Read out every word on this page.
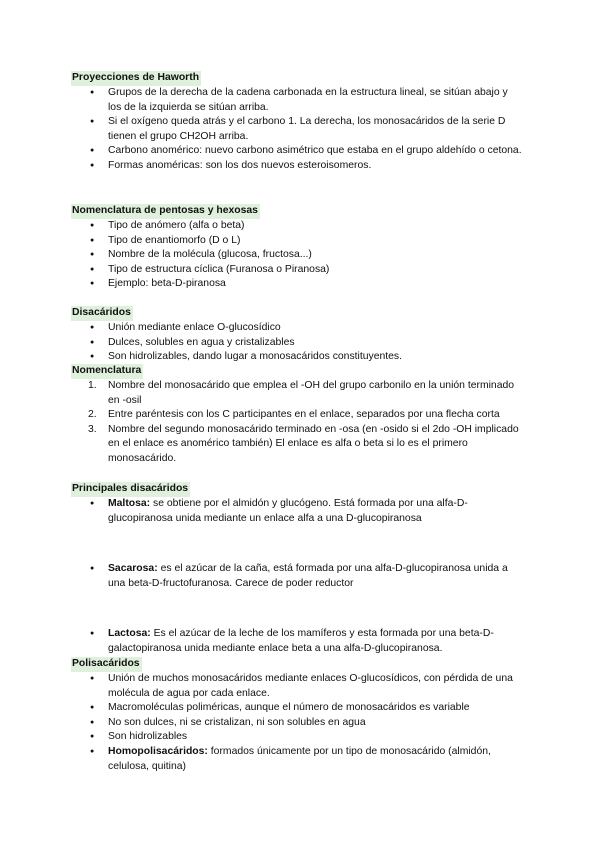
Proyecciones de Haworth
● Grupos de la derecha de la cadena carbonada en la estructura lineal, se sitúan abajo y los de la izquierda se sitúan arriba.
● Si el oxígeno queda atrás y el carbono 1. La derecha, los monosacáridos de la serie D tienen el grupo CH2OH arriba.
● Carbono anomérico: nuevo carbono asimétrico que estaba en el grupo aldehído o cetona.
● Formas anoméricas: son los dos nuevos esteroisomeros.
Nomenclatura de pentosas y hexosas
● Tipo de anómero (alfa o beta)
● Tipo de enantiomorfo (D o L)
● Nombre de la molécula (glucosa, fructosa...)
● Tipo de estructura cíclica (Furanosa o Piranosa)
● Ejemplo: beta-D-piranosa
Disacáridos
● Unión mediante enlace O-glucosídico
● Dulces, solubles en agua y cristalizables
● Son hidrolizables, dando lugar a monosacáridos constituyentes.
Nomenclatura
1. Nombre del monosacárido que emplea el -OH del grupo carbonilo en la unión terminado en -osil
2. Entre paréntesis con los C participantes en el enlace, separados por una flecha corta
3. Nombre del segundo monosacárido terminado en -osa (en -osido si el 2do -OH implicado en el enlace es anomérico también) El enlace es alfa o beta si lo es el primero monosacárido.
Principales disacáridos
● Maltosa: se obtiene por el almidón y glucógeno. Está formada por una alfa-D-glucopiranosa unida mediante un enlace alfa a una D-glucopiranosa
● Sacarosa: es el azúcar de la caña, está formada por una alfa-D-glucopiranosa unida a una beta-D-fructofuranosa. Carece de poder reductor
● Lactosa: Es el azúcar de la leche de los mamíferos y esta formada por una beta-D-galactopiranosa unida mediante enlace beta a una alfa-D-glucopiranosa.
Polisacáridos
● Unión de muchos monosacáridos mediante enlaces O-glucosídicos, con pérdida de una molécula de agua por cada enlace.
● Macromoléculas poliméricas, aunque el número de monosacáridos es variable
● No son dulces, ni se cristalizan, ni son solubles en agua
● Son hidrolizables
● Homopolisacáridos: formados únicamente por un tipo de monosacárido (almidón, celulosa, quitina)
